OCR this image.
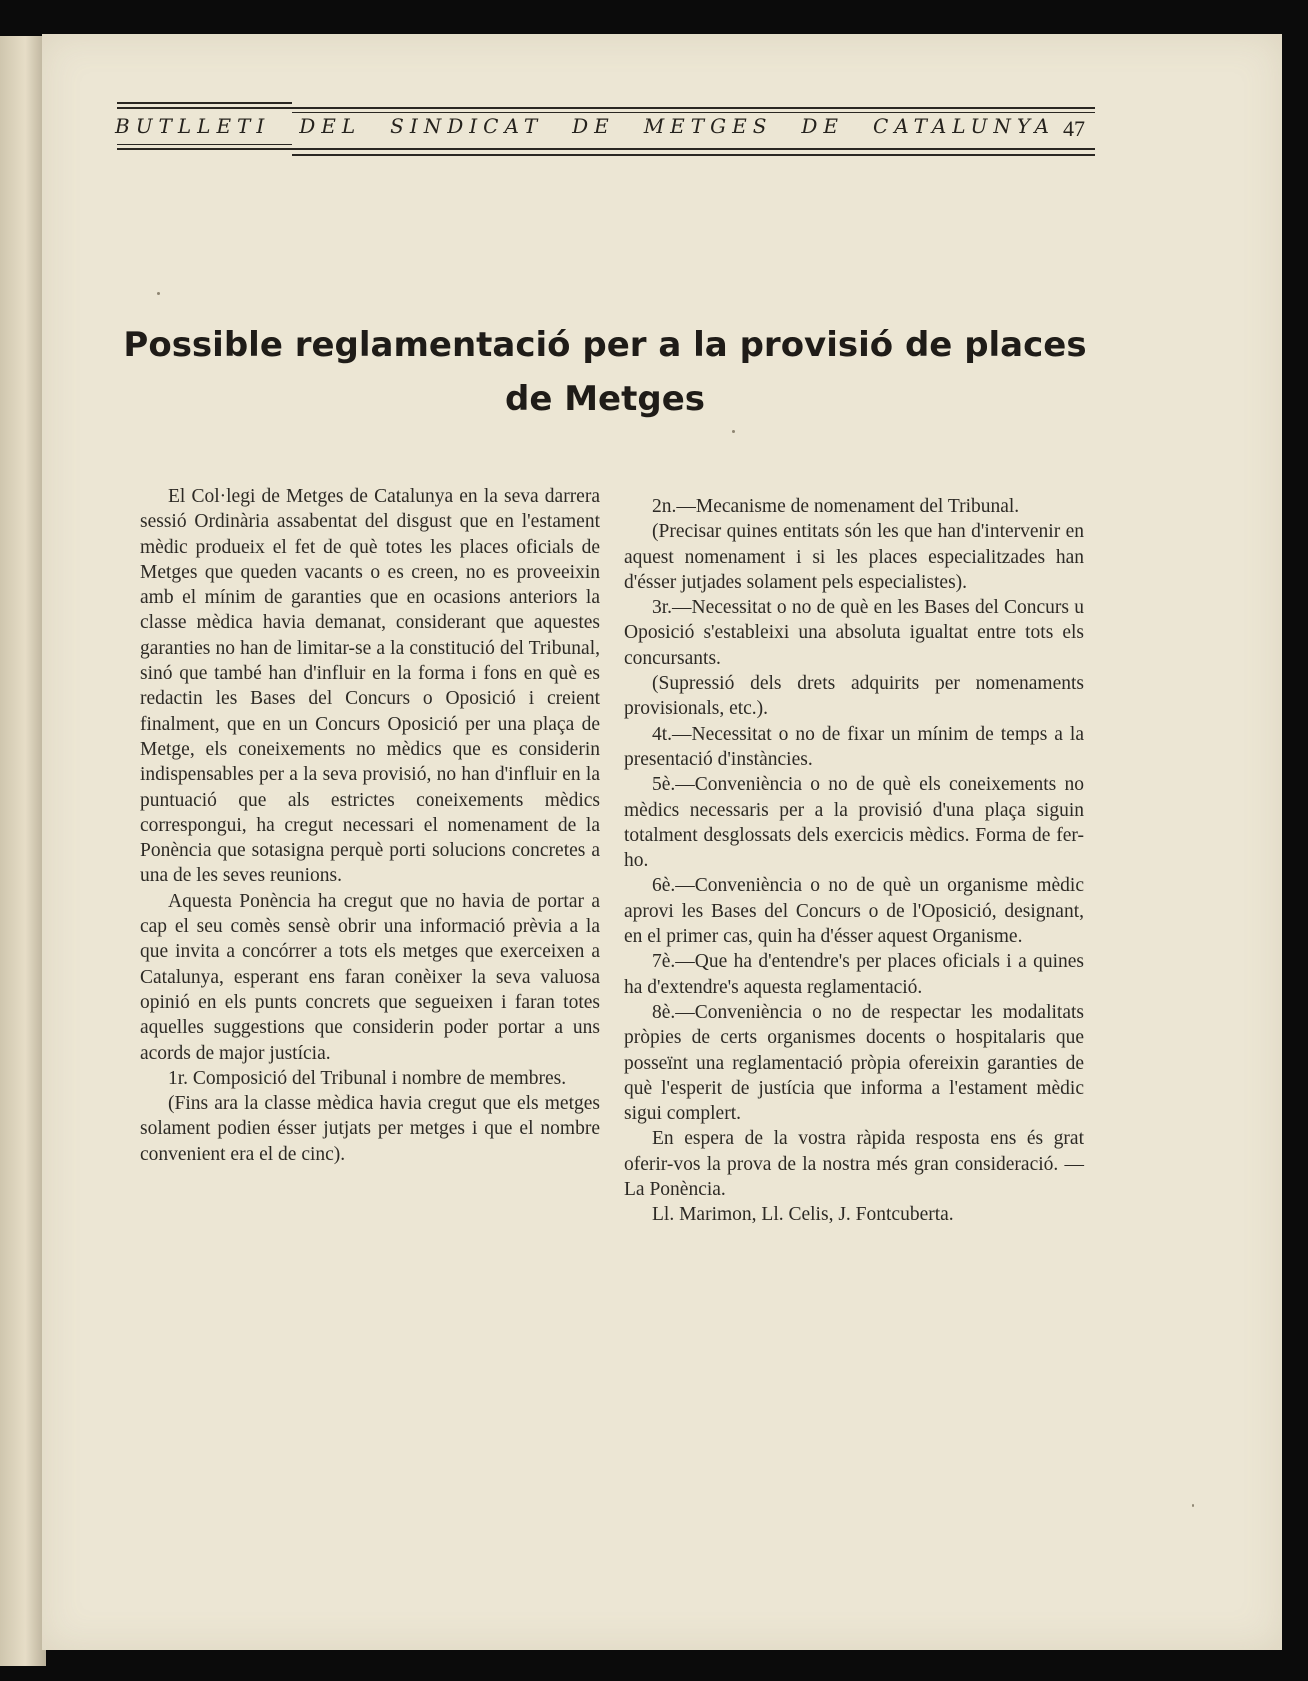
BUTLLETI DEL SINDICAT DE METGES DE CATALUNYA 47
Possible reglamentació per a la provisió de places
de Metges

El Col·legi de Metges de Catalunya en la seva darrera sessió Ordinària assabentat del disgust que en l'estament mèdic produeix el fet de què totes les places oficials de Metges que queden vacants o es creen, no es proveeixin amb el mínim de garanties que en ocasions anteriors la classe mèdica havia demanat, considerant que aquestes garanties no han de limitar-se a la constitució del Tribunal, sinó que també han d'influir en la forma i fons en què es redactin les Bases del Concurs o Oposició i creient finalment, que en un Concurs Oposició per una plaça de Metge, els coneixements no mèdics que es considerin indispensables per a la seva provisió, no han d'influir en la puntuació que als estrictes coneixements mèdics correspongui, ha cregut necessari el nomenament de la Ponència que sotasigna perquè porti solucions concretes a una de les seves reunions.

Aquesta Ponència ha cregut que no havia de portar a cap el seu comès sensè obrir una informació prèvia a la que invita a concórrer a tots els metges que exerceixen a Catalunya, esperant ens faran conèixer la seva valuosa opinió en els punts concrets que segueixen i faran totes aquelles suggestions que considerin poder portar a uns acords de major justícia.

1r. Composició del Tribunal i nombre de membres.

(Fins ara la classe mèdica havia cregut que els metges solament podien ésser jutjats per metges i que el nombre convenient era el de cinc).

2n.—Mecanisme de nomenament del Tribunal.

(Precisar quines entitats són les que han d'intervenir en aquest nomenament i si les places especialitzades han d'ésser jutjades solament pels especialistes).

3r.—Necessitat o no de què en les Bases del Concurs u Oposició s'estableixi una absoluta igualtat entre tots els concursants.

(Supressió dels drets adquirits per nomenaments provisionals, etc.).

4t.—Necessitat o no de fixar un mínim de temps a la presentació d'instàncies.

5è.—Conveniència o no de què els coneixements no mèdics necessaris per a la provisió d'una plaça siguin totalment desglossats dels exercicis mèdics. Forma de fer-ho.

6è.—Conveniència o no de què un organisme mèdic aprovi les Bases del Concurs o de l'Oposició, designant, en el primer cas, quin ha d'ésser aquest Organisme.

7è.—Que ha d'entendre's per places oficials i a quines ha d'extendre's aquesta reglamentació.

8è.—Conveniència o no de respectar les modalitats pròpies de certs organismes docents o hospitalaris que posseïnt una reglamentació pròpia ofereixin garanties de què l'esperit de justícia que informa a l'estament mèdic sigui complert.

En espera de la vostra ràpida resposta ens és grat oferir-vos la prova de la nostra més gran consideració. — La Ponència.

Ll. Marimon, Ll. Celis, J. Fontcuberta.
